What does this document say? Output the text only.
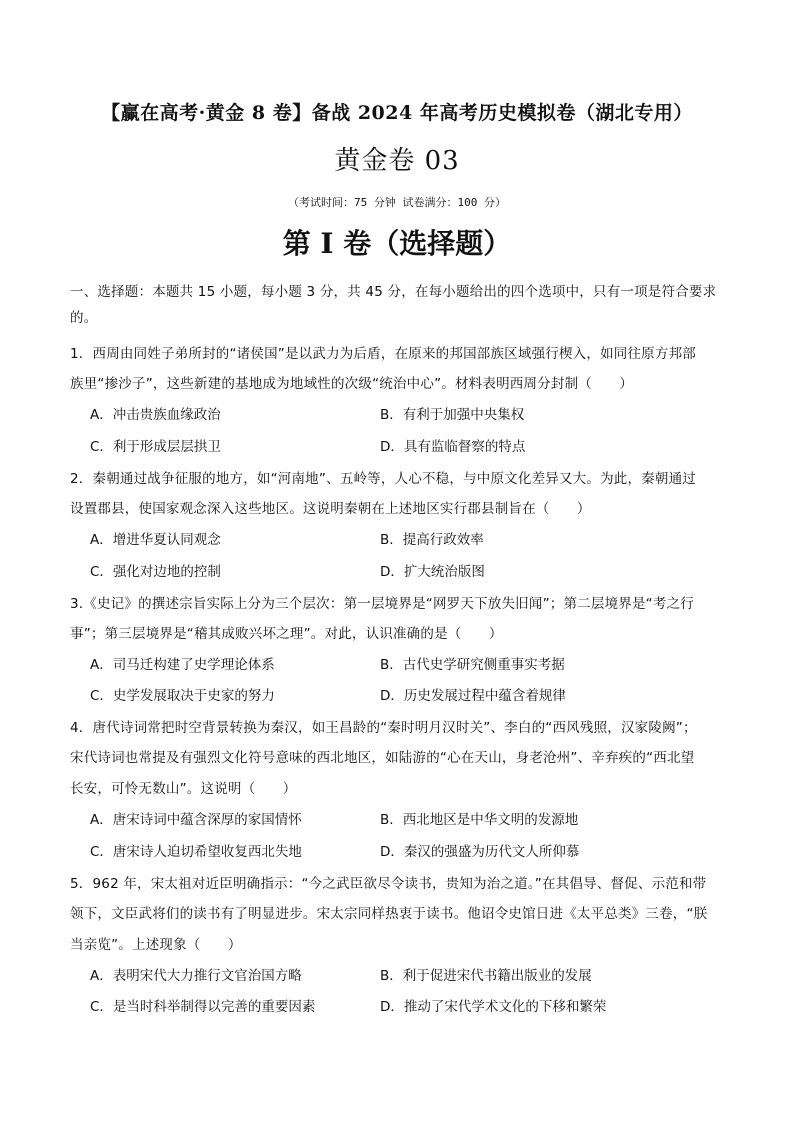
【赢在高考·黄金 8 卷】备战 2024 年高考历史模拟卷（湖北专用）
黄金卷 03
（考试时间：75 分钟 试卷满分：100 分）
第 I 卷（选择题）
一、选择题：本题共 15 小题，每小题 3 分，共 45 分，在每小题给出的四个选项中，只有一项是符合要求
的。
1．西周由同姓子弟所封的“诸侯国”是以武力为后盾，在原来的邦国部族区域强行楔入，如同往原方邦部
族里“掺沙子”，这些新建的基地成为地域性的次级“统治中心”。材料表明西周分封制（　　）
A．冲击贵族血缘政治	B．有利于加强中央集权
C．利于形成层层拱卫	D．具有监临督察的特点
2．秦朝通过战争征服的地方，如“河南地”、五岭等，人心不稳，与中原文化差异又大。为此，秦朝通过
设置郡县，使国家观念深入这些地区。这说明秦朝在上述地区实行郡县制旨在（　　）
A．增进华夏认同观念	B．提高行政效率
C．强化对边地的控制	D．扩大统治版图
3.《史记》的撰述宗旨实际上分为三个层次：第一层境界是“网罗天下放失旧闻”；第二层境界是“考之行
事”；第三层境界是“稽其成败兴坏之理”。对此，认识准确的是（　　）
A．司马迁构建了史学理论体系	B．古代史学研究侧重事实考据
C．史学发展取决于史家的努力	D．历史发展过程中蕴含着规律
4．唐代诗词常把时空背景转换为秦汉，如王昌龄的“秦时明月汉时关”、李白的“西风残照，汉家陵阙”；
宋代诗词也常提及有强烈文化符号意味的西北地区，如陆游的“心在天山，身老沧州”、辛弃疾的“西北望
长安，可怜无数山”。这说明（　　）
A．唐宋诗词中蕴含深厚的家国情怀	B．西北地区是中华文明的发源地
C．唐宋诗人迫切希望收复西北失地	D．秦汉的强盛为历代文人所仰慕
5．962 年，宋太祖对近臣明确指示：“今之武臣欲尽令读书，贵知为治之道。”在其倡导、督促、示范和带
领下，文臣武将们的读书有了明显进步。宋太宗同样热衷于读书。他诏令史馆日进《太平总类》三卷，“朕
当亲览”。上述现象（　　）
A．表明宋代大力推行文官治国方略	B．利于促进宋代书籍出版业的发展
C．是当时科举制得以完善的重要因素	D．推动了宋代学术文化的下移和繁荣
